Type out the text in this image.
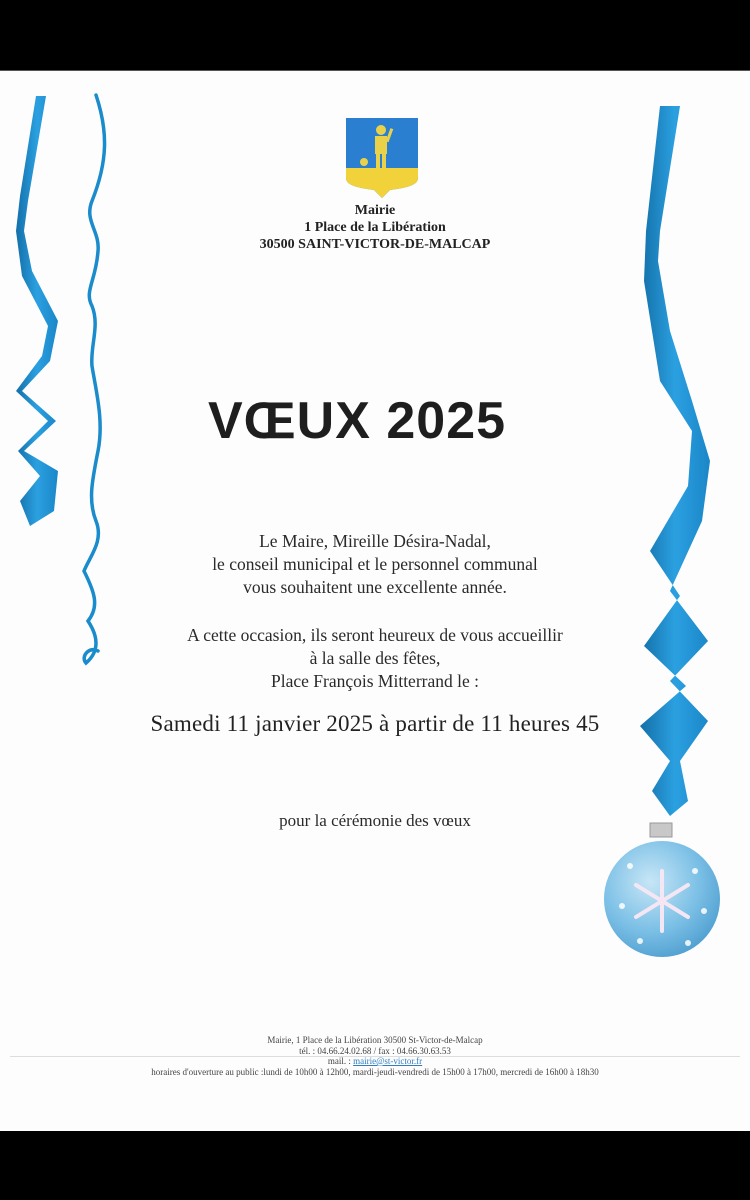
Mairie
1 Place de la Libération
30500 SAINT-VICTOR-DE-MALCAP
VŒUX 2025
Le Maire, Mireille Désira-Nadal,
le conseil municipal et le personnel communal
vous souhaitent une excellente année.
A cette occasion, ils seront heureux de vous accueillir
à la salle des fêtes,
Place François Mitterrand le :
Samedi 11 janvier 2025 à partir de 11 heures 45
pour la cérémonie des vœux
Mairie, 1 Place de la Libération 30500 St-Victor-de-Malcap
tél. : 04.66.24.02.68 / fax : 04.66.30.63.53
mail. : mairie@st-victor.fr
horaires d'ouverture au public :lundi de 10h00 à 12h00, mardi-jeudi-vendredi de 15h00 à 17h00, mercredi de 16h00 à 18h30
